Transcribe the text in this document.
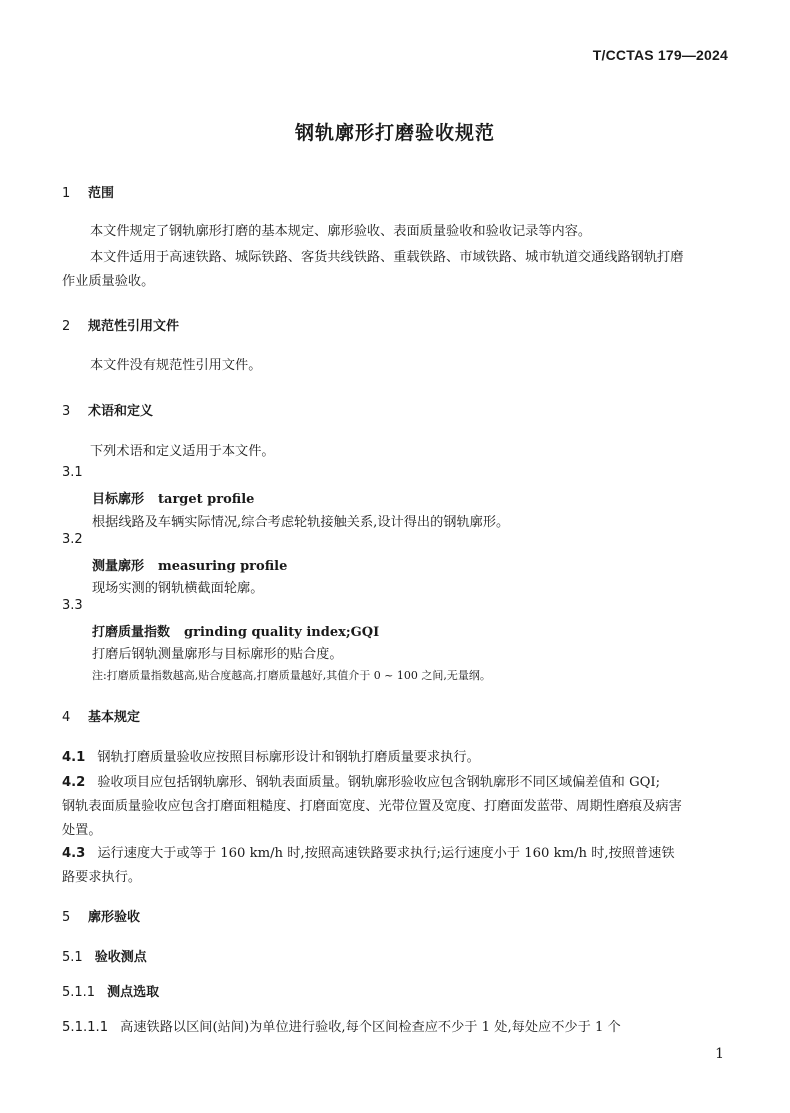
T/CCTAS 179—2024
钢轨廓形打磨验收规范
1 范围
本文件规定了钢轨廓形打磨的基本规定、廓形验收、表面质量验收和验收记录等内容。
本文件适用于高速铁路、城际铁路、客货共线铁路、重载铁路、市域铁路、城市轨道交通线路钢轨打磨
作业质量验收。
2 规范性引用文件
本文件没有规范性引用文件。
3 术语和定义
下列术语和定义适用于本文件。
3.1
目标廓形 target profile
根据线路及车辆实际情况,综合考虑轮轨接触关系,设计得出的钢轨廓形。
3.2
测量廓形 measuring profile
现场实测的钢轨横截面轮廓。
3.3
打磨质量指数 grinding quality index;GQI
打磨后钢轨测量廓形与目标廓形的贴合度。
注:打磨质量指数越高,贴合度越高,打磨质量越好,其值介于 0 ~ 100 之间,无量纲。
4 基本规定
4.1 钢轨打磨质量验收应按照目标廓形设计和钢轨打磨质量要求执行。
4.2 验收项目应包括钢轨廓形、钢轨表面质量。钢轨廓形验收应包含钢轨廓形不同区域偏差值和 GQI;
钢轨表面质量验收应包含打磨面粗糙度、打磨面宽度、光带位置及宽度、打磨面发蓝带、周期性磨痕及病害
处置。
4.3 运行速度大于或等于 160 km/h 时,按照高速铁路要求执行;运行速度小于 160 km/h 时,按照普速铁
路要求执行。
5 廓形验收
5.1 验收测点
5.1.1 测点选取
5.1.1.1 高速铁路以区间(站间)为单位进行验收,每个区间检查应不少于 1 处,每处应不少于 1 个
1
